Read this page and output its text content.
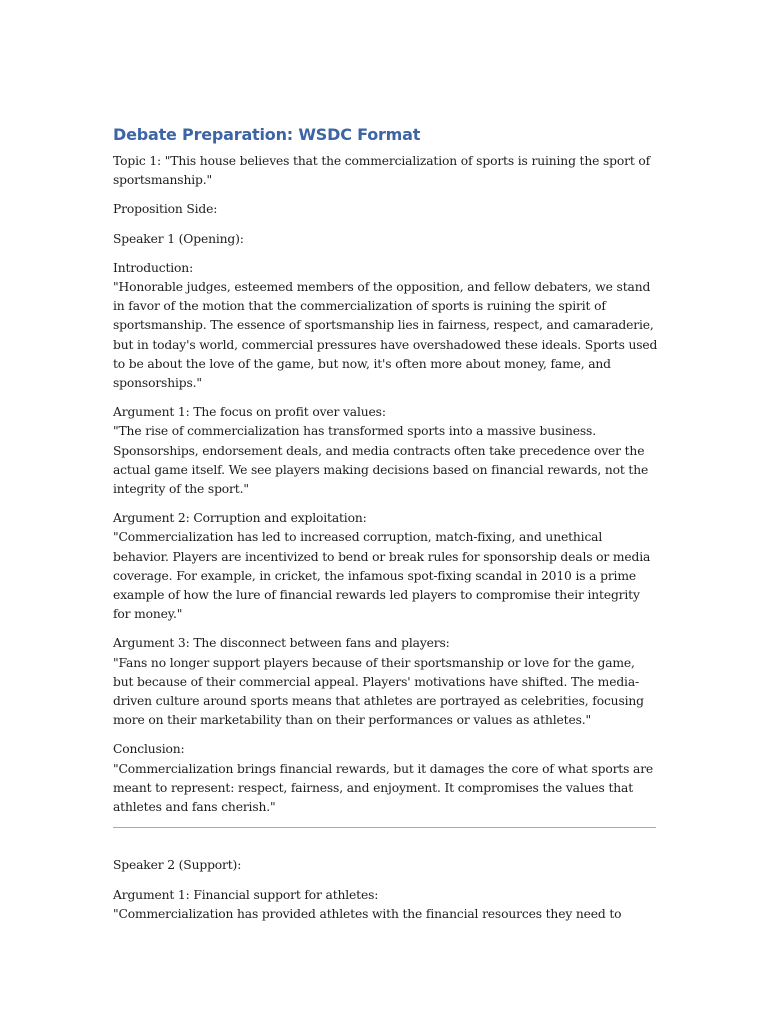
Debate Preparation: WSDC Format
Topic 1: "This house believes that the commercialization of sports is ruining the sport of sportsmanship."
Proposition Side:
Speaker 1 (Opening):
Introduction:
"Honorable judges, esteemed members of the opposition, and fellow debaters, we stand in favor of the motion that the commercialization of sports is ruining the spirit of sportsmanship. The essence of sportsmanship lies in fairness, respect, and camaraderie, but in today's world, commercial pressures have overshadowed these ideals. Sports used to be about the love of the game, but now, it's often more about money, fame, and sponsorships."
Argument 1: The focus on profit over values:
"The rise of commercialization has transformed sports into a massive business. Sponsorships, endorsement deals, and media contracts often take precedence over the actual game itself. We see players making decisions based on financial rewards, not the integrity of the sport."
Argument 2: Corruption and exploitation:
"Commercialization has led to increased corruption, match-fixing, and unethical behavior. Players are incentivized to bend or break rules for sponsorship deals or media coverage. For example, in cricket, the infamous spot-fixing scandal in 2010 is a prime example of how the lure of financial rewards led players to compromise their integrity for money."
Argument 3: The disconnect between fans and players:
"Fans no longer support players because of their sportsmanship or love for the game, but because of their commercial appeal. Players' motivations have shifted. The media-driven culture around sports means that athletes are portrayed as celebrities, focusing more on their marketability than on their performances or values as athletes."
Conclusion:
"Commercialization brings financial rewards, but it damages the core of what sports are meant to represent: respect, fairness, and enjoyment. It compromises the values that athletes and fans cherish."
Speaker 2 (Support):
Argument 1: Financial support for athletes:
"Commercialization has provided athletes with the financial resources they need to
